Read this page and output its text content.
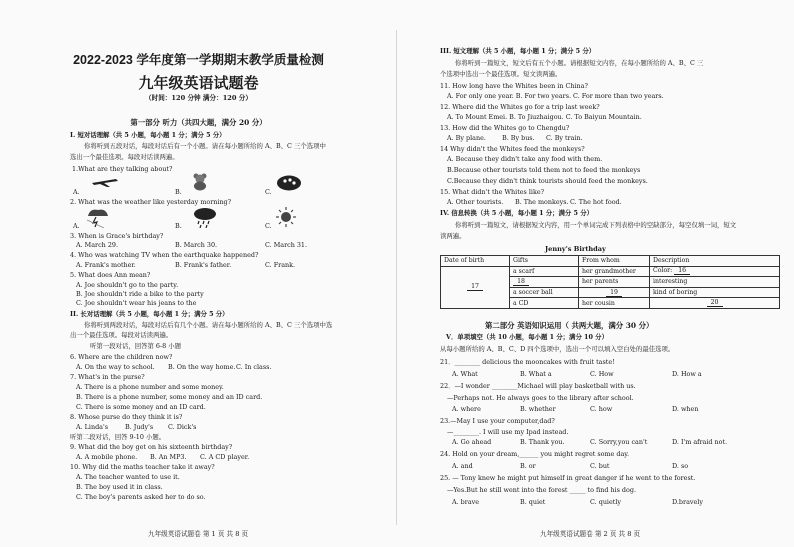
2022-2023 学年度第一学期期末教学质量检测
九年级英语试题卷
（时间：120 分钟 满分：120 分）
第一部分 听力（共四大题，满分 20 分）
I. 短对话理解（共 5 小题，每小题 1 分；满分 5 分）
你将听到五段对话，每段对话后有一个小题。请在每小题所给的 A、B、C 三个选项中
选出一个最佳选项。每段对话读两遍。
1.What are they talking about?
A.	B.	C.
2. What was the weather like yesterday morning?
A.	B.	C.
3. When is Grace's birthday?
A. March 29.	B. March 30.	C. March 31.
4. Who was watching TV when the earthquake happened?
A. Frank's mother.	B. Frank's father.	C. Frank.
5. What does Ann mean?
A. Joe shouldn't go to the party.
B. Joe shouldn't ride a bike to the party
C. Joe shouldn't wear his jeans to the
II. 长对话理解（共 5 小题，每小题 1 分；满分 5 分）
你将听到两段对话，每段对话后有几个小题。请在每小题所给的 A、B、C 三个选项中选
出一个最佳选项。每段对话读两遍。
听第一段对话，回答第 6-8 小题
6. Where are the children now?
A. On the way to school. B. On the way home. C. In class.
7. What's in the purse?
A. There is a phone number and some money.
B. There is a phone number, some money and an ID card.
C. There is some money and an ID card.
8. Whose purse do they think it is?
A. Linda's	B. Judy's C. Dick's
听第二段对话，回答 9-10 小题。
9. What did the boy get on his sixteenth birthday?
A. A mobile phone. B. An MP3. C. A CD player.
10. Why did the maths teacher take it away?
A. The teacher wanted to use it.
B. The boy used it in class.
C. The boy's parents asked her to do so.
九年级英语试题卷 第 1 页 共 8 页
III. 短文理解（共 5 小题，每小题 1 分；满分 5 分）
你将听到一篇短文，短文后有五个小题。请根据短文内容，在每小题所给的 A、B、C 三
个选项中选出一个最佳选项。短文读两遍。
11. How long have the Whites been in China?
A. For only one year. B. For two years. C. For more than two years.
12. Where did the Whites go for a trip last week?
A. To Mount Emei. B. To Jiuzhaigou. C. To Baiyun Mountain.
13. How did the Whites go to Chengdu?
A. By plane.	B. By bus. C. By train.
14 Why didn't the Whites feed the monkeys?
A. Because they didn't take any food with them.
B.Because other tourists told them not to feed the monkeys
C.Because they didn't think tourists should feed the monkeys.
15. What didn't the Whites like?
A. Other tourists. B. The monkeys. C. The hot food.
IV. 信息转换（共 5 小题，每小题 1 分；满分 5 分）
你将听到一篇短文，请根据短文内容，用一个单词完成下列表格中的空缺部分，每空仅填一词，短文
读两遍。
Jenny's Birthday
Date of birth	Gifts	From whom	Description
17	a scarf	her grandmother	Color: 16
	18	her parents	interesting
	a soccer ball	19	kind of boring
	a CD	her cousin	20
第二部分 英语知识运用（ 共两大题，满分 30 分）
V．单项填空（共 10 小题，每小题 1 分；满分 10 分）
从每小题所给的 A、B、C、D 四个选项中，选出一个可以填入空白处的最佳选项。
21．________ delicious the mooncakes with fruit taste!
A. What	B. What a	C. How	D. How a
22．—I wonder ________Michael will play basketball with us.
—Perhaps not. He always goes to the library after school.
A. where	B. whether	C. how	D. when
23.—May I use your computer,dad?
—________. I will use my Ipad instead.
A. Go ahead	B. Thank you.	C. Sorry,you can't	D. I'm afraid not.
24. Hold on your dream,______ you might regret some day.
A. and	B. or	C. but	D. so
25. — Tony knew he might put himself in great danger if he went to the forest.
—Yes.But he still went into the forest _____ to find his dog.
A. brave	B. quiet	C. quietly	D.bravely
九年级英语试题卷 第 2 页 共 8 页
